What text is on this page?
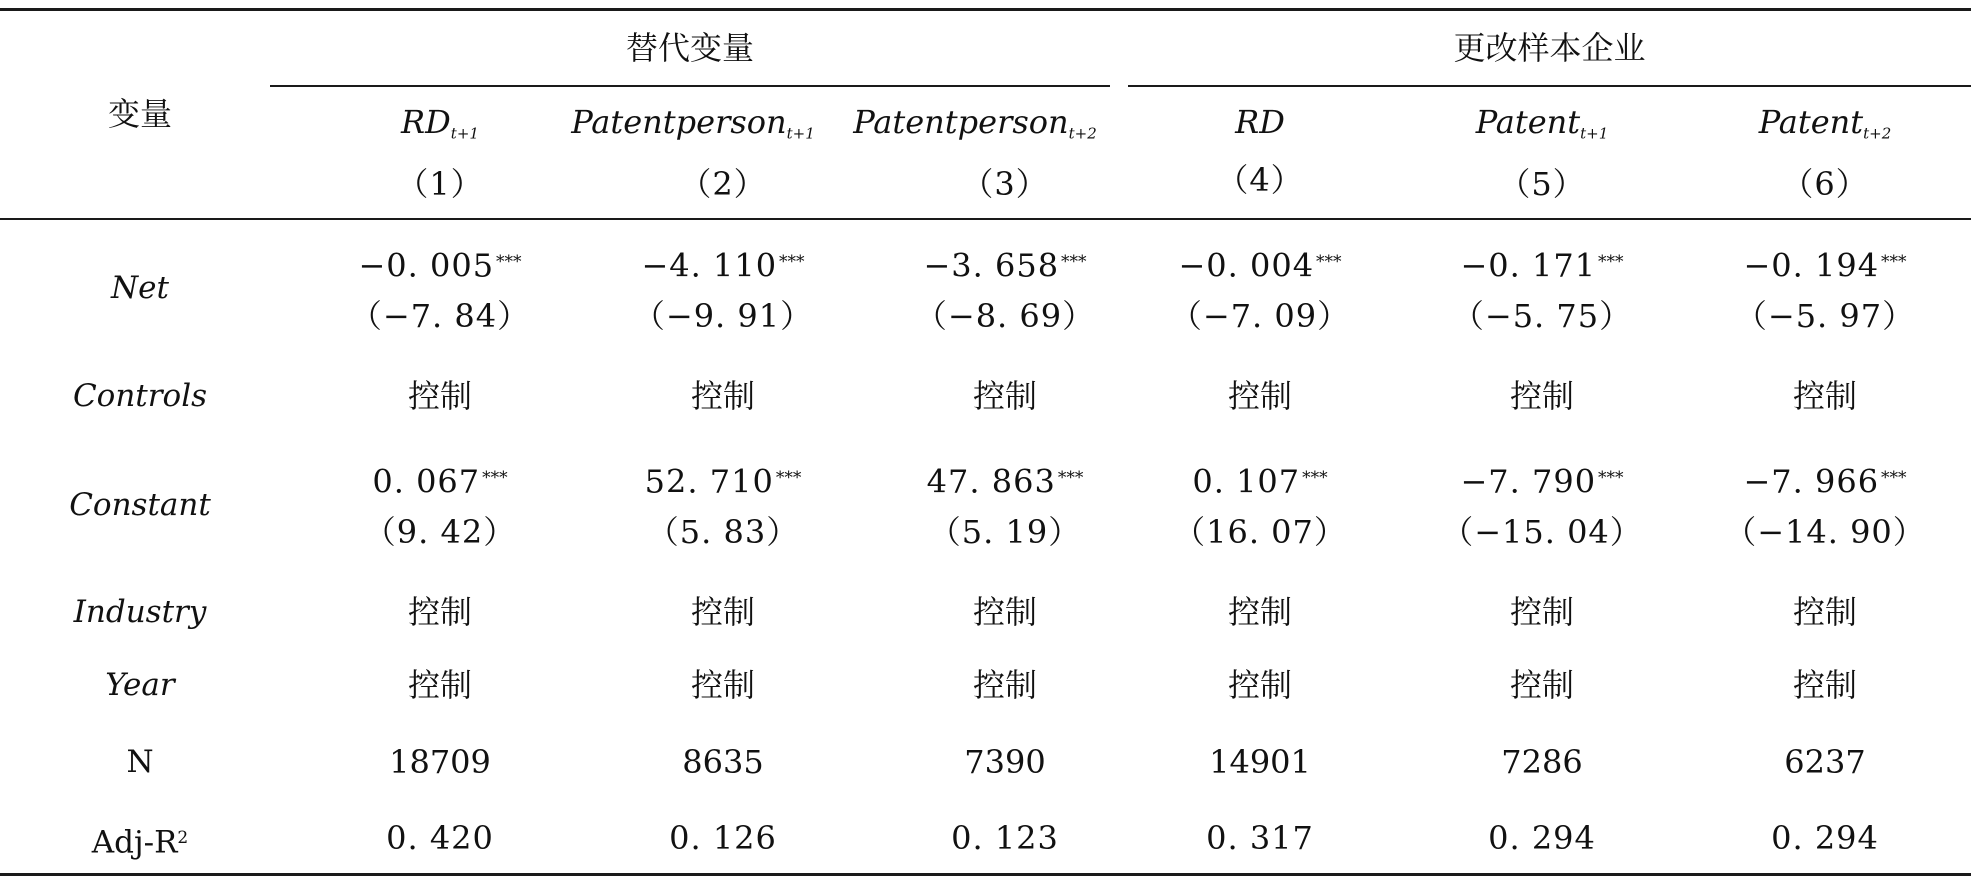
变量
替代变量	更改样本企业
$RD_{t+1}$	Patentperson$_{t+1}$	Patentperson$_{t+2}$	RD	Patent$_{t+1}$	Patent$_{t+2}$
（1）	（2）	（3）	（4）	（5）	（6）
Net
−0. 005 ***	−4. 110 ***	−3. 658 ***	−0. 004 ***	−0. 171 ***	−0. 194 ***
（−7. 84）	（−9. 91）	（−8. 69）	（−7. 09）	（−5. 75）	（−5. 97）
Controls	控制	控制	控制	控制	控制	控制
Constant
0. 067 ***	52. 710 ***	47. 863 ***	0. 107 ***	−7. 790 ***	−7. 966 ***
（9. 42）	（5. 83）	（5. 19）	（16. 07）	（−15. 04）	（−14. 90）
Industry	控制	控制	控制	控制	控制	控制
Year	控制	控制	控制	控制	控制	控制
N	18709	8635	7390	14901	7286	6237
Adj-$R^2$	0. 420	0. 126	0. 123	0. 317	0. 294	0. 294
